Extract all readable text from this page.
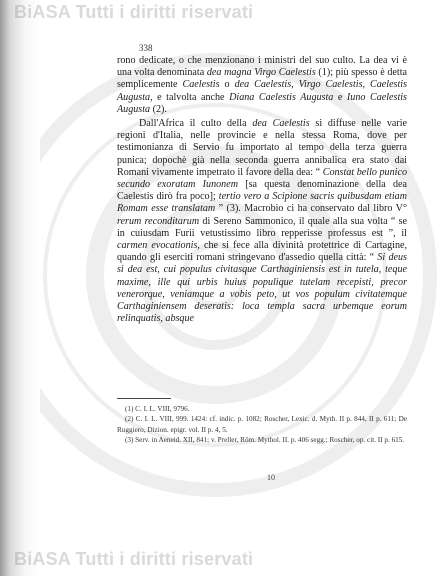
BiASA Tutti i diritti riservati
338

rono dedicate, o che menzionano i ministri del suo culto. La dea vi è una volta denominata dea magna Virgo Caelestis (1); più spesso è detta semplicemente Caelestis o dea Caelestis, Virgo Caelestis, Caelestis Augusta, e talvolta anche Diana Caelestis Augusta e Iuno Caelestis Augusta (2).

Dall'Africa il culto della dea Caelestis si diffuse nelle varie regioni d'Italia, nelle provincie e nella stessa Roma, dove per testimonianza di Servio fu importato al tempo della terza guerra punica; dopochè già nella seconda guerra annibalica era stato dai Romani vivamente impetrato il favore della dea: “ Constat bello punico secundo exoratam Iunonem [sa questa denominazione della dea Caelestis dirò fra poco]; tertio vero a Scipione sacris quibusdam etiam Romam esse translatam ” (3). Macrobio ci ha conservato dal libro V° rerum reconditarum di Sereno Sammonico, il quale alla sua volta “ se in cuiusdam Furii vetustissimo libro repperisse professus est ”, il carmen evocationis, che si fece alla divinità protettrice di Cartagine, quando gli eserciti romani stringevano d'assedio quella città: “ Si deus si dea est, cui populus civitasque Carthaginiensis est in tutela, teque maxime, ille qui urbis huius populique tutelam recepisti, precor venerorque, veniamque a vobis peto, ut vos populum civitatemque Carthaginiensem deseratis: loca templa sacra urbemque eorum relinquatis, absque

(1) C. I. L. VIII, 9796.

(2) C. I. L. VIII, 999. 1424: cf. indic. p. 1082; Roscher, Lexic. d. Myth. II p. 844, II p. 611; De Ruggiero, Dizion. epigr. vol. II p. 4, 5.

(3) Serv. in Aeneid. XII, 841; v. Preller, Röm. Mythol. II. p. 406 segg.; Roscher, op. cit. II p. 615.

10
BiASA Tutti i diritti riservati
